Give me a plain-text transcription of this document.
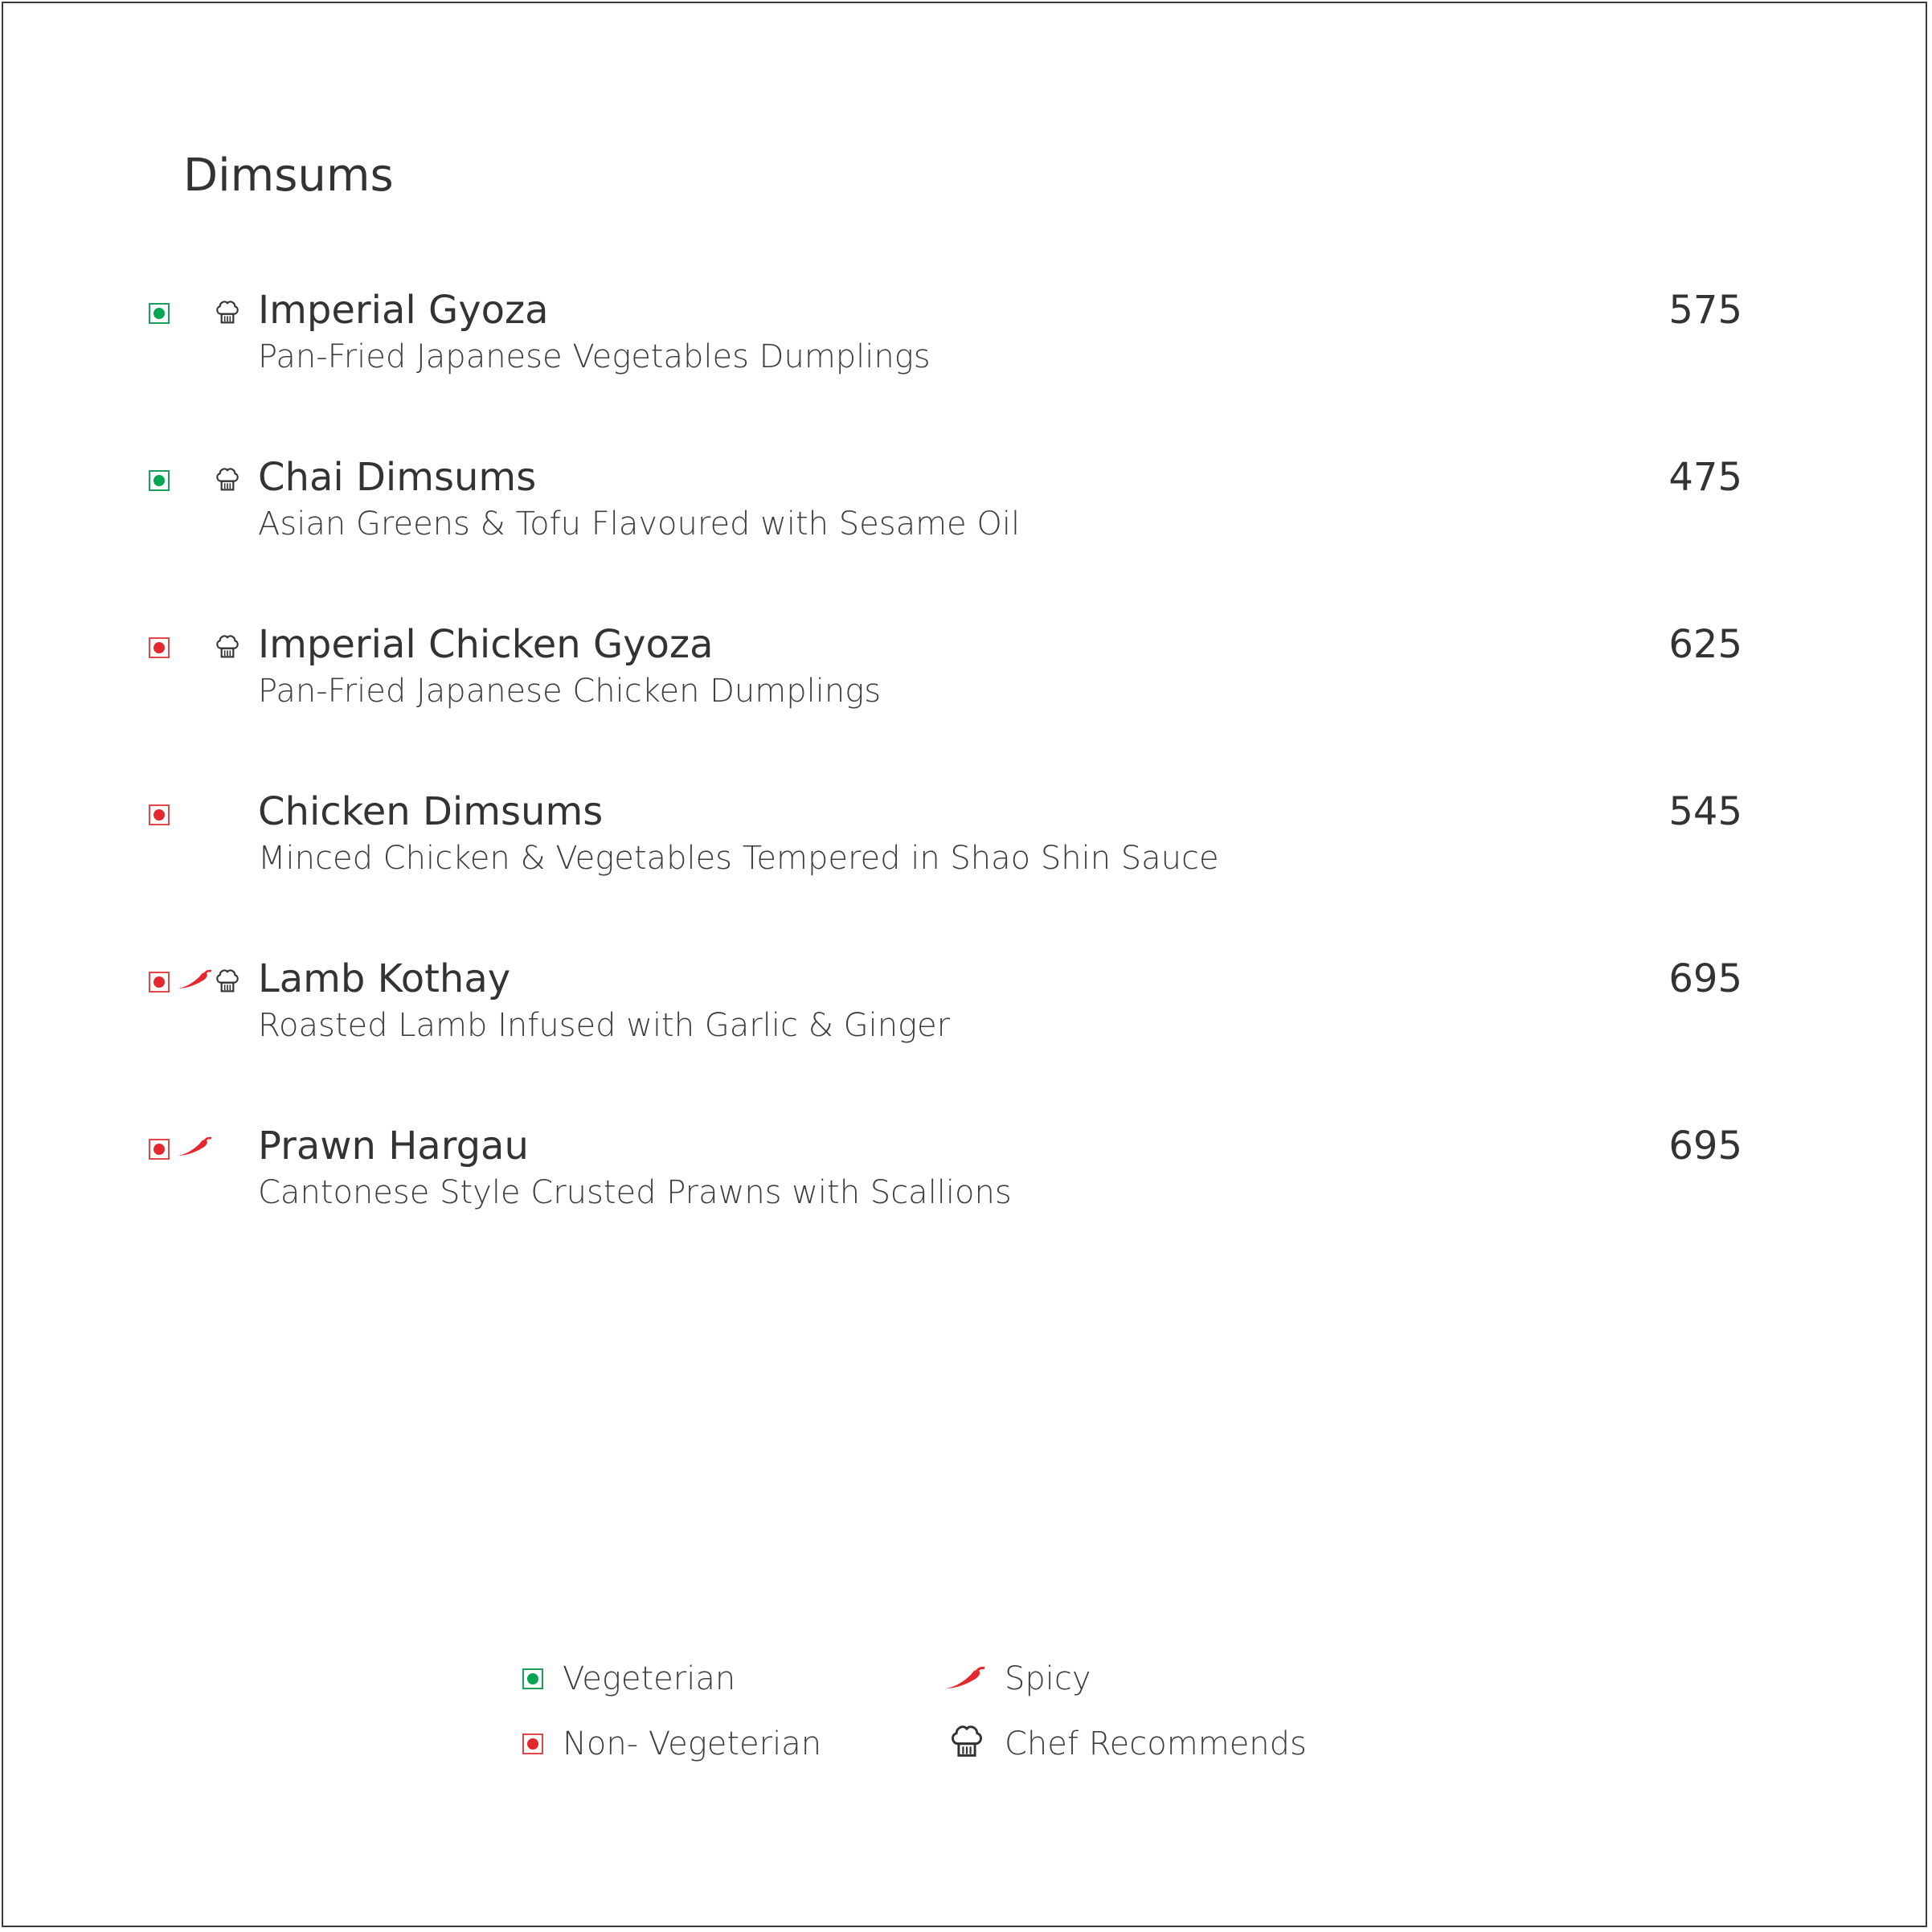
Dimsums
Imperial Gyoza
Pan-Fried Japanese Vegetables Dumplings
575
Chai Dimsums
Asian Greens & Tofu Flavoured with Sesame Oil
475
Imperial Chicken Gyoza
Pan-Fried Japanese Chicken Dumplings
625
Chicken Dimsums
Minced Chicken & Vegetables Tempered in Shao Shin Sauce
545
Lamb Kothay
Roasted Lamb Infused with Garlic & Ginger
695
Prawn Hargau
Cantonese Style Crusted Prawns with Scallions
695
Vegeterian
Non- Vegeterian
Spicy
Chef Recommends
